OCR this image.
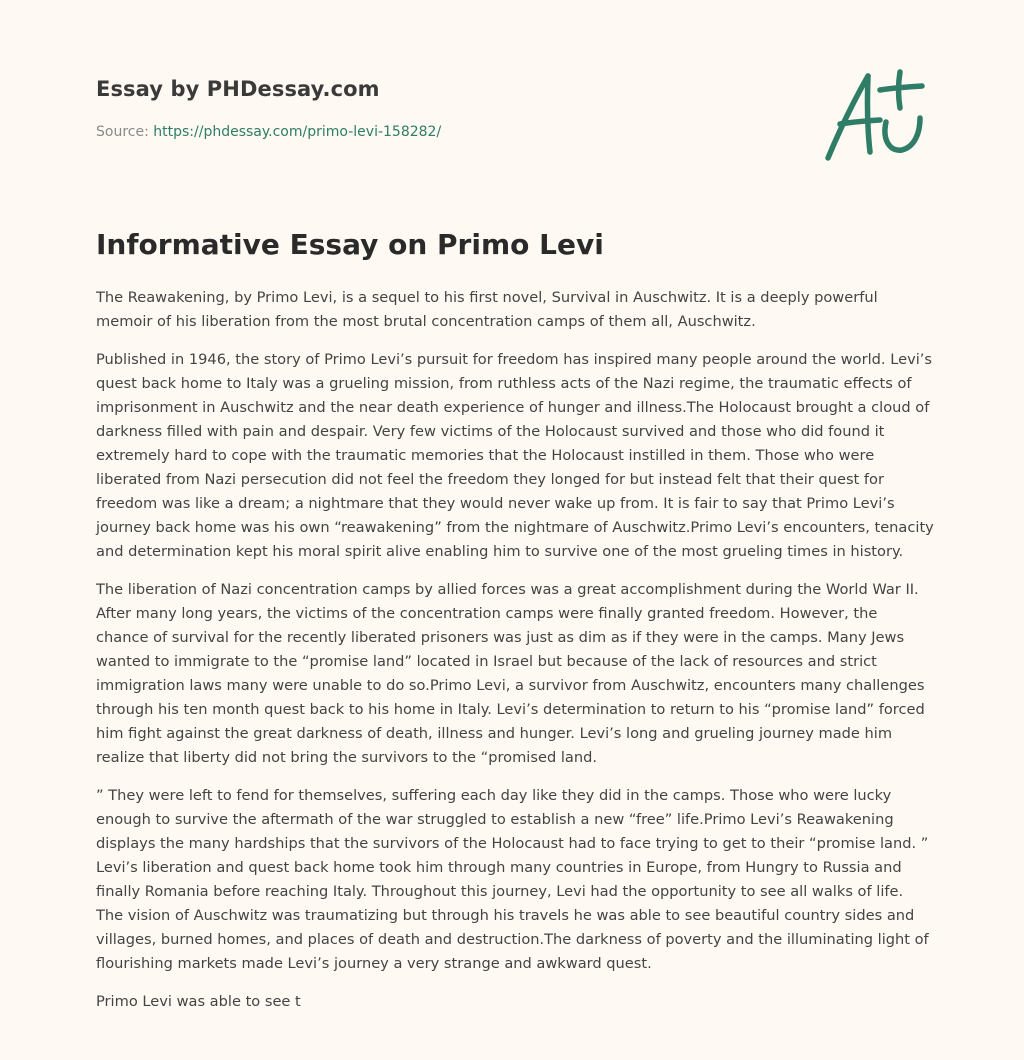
Essay by PHDessay.com

Source: https://phdessay.com/primo-levi-158282/

Informative Essay on Primo Levi

The Reawakening, by Primo Levi, is a sequel to his first novel, Survival in Auschwitz. It is a deeply powerful memoir of his liberation from the most brutal concentration camps of them all, Auschwitz.

Published in 1946, the story of Primo Levi’s pursuit for freedom has inspired many people around the world. Levi’s quest back home to Italy was a grueling mission, from ruthless acts of the Nazi regime, the traumatic effects of imprisonment in Auschwitz and the near death experience of hunger and illness.The Holocaust brought a cloud of darkness filled with pain and despair. Very few victims of the Holocaust survived and those who did found it extremely hard to cope with the traumatic memories that the Holocaust instilled in them. Those who were liberated from Nazi persecution did not feel the freedom they longed for but instead felt that their quest for freedom was like a dream; a nightmare that they would never wake up from. It is fair to say that Primo Levi’s journey back home was his own “reawakening” from the nightmare of Auschwitz.Primo Levi’s encounters, tenacity and determination kept his moral spirit alive enabling him to survive one of the most grueling times in history.

The liberation of Nazi concentration camps by allied forces was a great accomplishment during the World War II. After many long years, the victims of the concentration camps were finally granted freedom. However, the chance of survival for the recently liberated prisoners was just as dim as if they were in the camps. Many Jews wanted to immigrate to the “promise land” located in Israel but because of the lack of resources and strict immigration laws many were unable to do so.Primo Levi, a survivor from Auschwitz, encounters many challenges through his ten month quest back to his home in Italy. Levi’s determination to return to his “promise land” forced him fight against the great darkness of death, illness and hunger. Levi’s long and grueling journey made him realize that liberty did not bring the survivors to the “promised land.

” They were left to fend for themselves, suffering each day like they did in the camps. Those who were lucky enough to survive the aftermath of the war struggled to establish a new “free” life.Primo Levi’s Reawakening displays the many hardships that the survivors of the Holocaust had to face trying to get to their “promise land. ” Levi’s liberation and quest back home took him through many countries in Europe, from Hungry to Russia and finally Romania before reaching Italy. Throughout this journey, Levi had the opportunity to see all walks of life. The vision of Auschwitz was traumatizing but through his travels he was able to see beautiful country sides and villages, burned homes, and places of death and destruction.The darkness of poverty and the illuminating light of flourishing markets made Levi’s journey a very strange and awkward quest.

Primo Levi was able to see t
